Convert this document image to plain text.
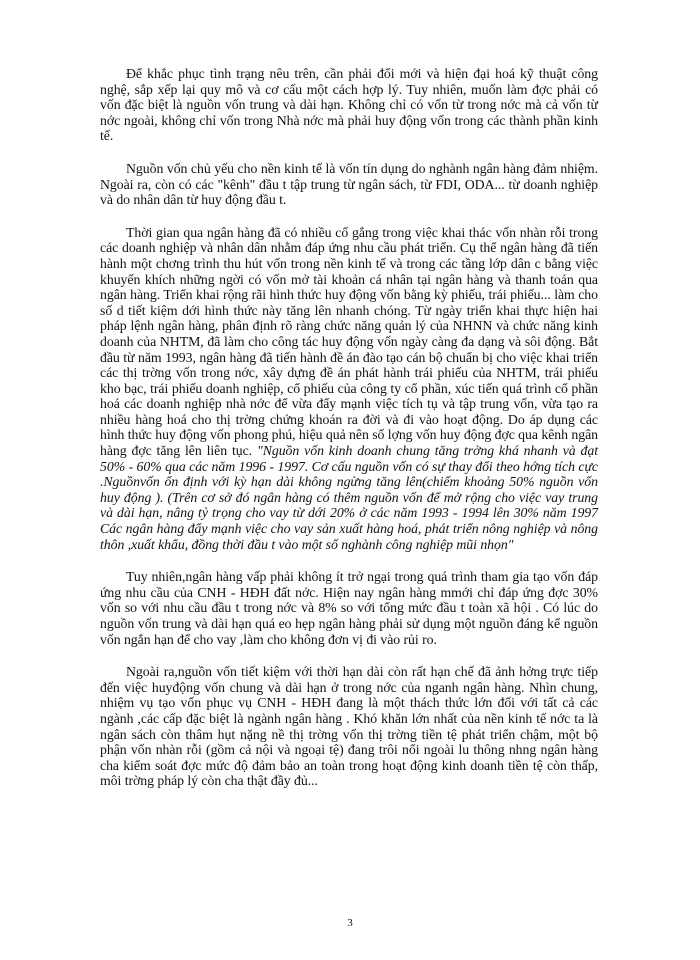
Để khắc phục tình trạng nêu trên, cần phải đổi mới và hiện đại hoá kỹ thuật công nghệ, sắp xếp lại quy mô và cơ cấu một cách hợp lý. Tuy nhiên, muốn làm đợc phải có vốn đặc biệt là nguồn vốn trung và dài hạn. Không chỉ có vốn từ trong nớc mà cả vốn từ nớc ngoài, không chỉ vốn trong Nhà nớc mà phải huy động vốn trong các thành phần kinh tế.

Nguồn vốn chủ yếu cho nền kinh tế là vốn tín dụng do nghành ngân hàng đảm nhiệm. Ngoài ra, còn có các "kênh" đầu t tập trung từ ngân sách, từ FDI, ODA... từ doanh nghiệp và do nhân dân từ huy động đầu t.

Thời gian qua ngân hàng đã có nhiều cố gắng trong việc khai thác vốn nhàn rỗi trong các doanh nghiệp và nhân dân nhằm đáp ứng nhu cầu phát triển. Cụ thể ngân hàng đã tiến hành một chơng trình thu hút vốn trong nền kinh tế và trong các tầng lớp dân c bằng việc khuyến khích những ngời có vốn mở tài khoản cá nhân tại ngân hàng và thanh toán qua ngân hàng. Triển khai rộng rãi hình thức huy động vốn bằng kỳ phiếu, trái phiếu... làm cho số d tiết kiệm dới hình thức này tăng lên nhanh chóng. Từ ngày triển khai thực hiện hai pháp lệnh ngân hàng, phân định rõ ràng chức năng quản lý của NHNN và chức năng kinh doanh của NHTM, đã làm cho công tác huy động vốn ngày càng đa dạng và sôi động. Bắt đầu từ năm 1993, ngân hàng đã tiến hành đề án đào tạo cán bộ chuẩn bị cho việc khai triển các thị trờng vốn trong nớc, xây dựng đề án phát hành trái phiếu của NHTM, trái phiếu kho bạc, trái phiếu doanh nghiệp, cổ phiếu của công ty cổ phần, xúc tiến quá trình cổ phần hoá các doanh nghiệp nhà nớc để vừa đẩy mạnh việc tích tụ và tập trung vốn, vừa tạo ra nhiều hàng hoá cho thị trờng chứng khoán ra đời và đi vào hoạt động. Do áp dụng các hình thức huy động vốn phong phú, hiệu quả nên số lợng vốn huy động đợc qua kênh ngân hàng đợc tăng lên liên tục. "Nguồn vốn kinh doanh chung tăng trởng khá nhanh và đạt 50% - 60% qua các năm 1996 - 1997. Cơ cấu nguồn vốn có sự thay đổi theo hớng tích cực .Nguồnvốn ổn định với kỳ hạn dài không ngừng tăng lên(chiếm khoảng 50% nguồn vốn huy động ). (Trên cơ sở đó ngân hàng có thêm nguồn vốn để mở rộng cho việc vay trung và dài hạn, nâng tỷ trọng cho vay từ dới 20% ở các năm 1993 - 1994 lên 30% năm 1997 Các ngân hàng đẩy mạnh việc cho vay sản xuất hàng hoá, phát triển nông nghiệp và nông thôn ,xuất khẩu, đồng thời đầu t vào một số nghành công nghiệp mũi nhọn"

Tuy nhiên,ngân hàng vấp phải không ít trở ngại trong quá trình tham gia tạo vốn đáp ứng nhu cầu của CNH - HĐH đất nớc. Hiện nay ngân hàng mmới chỉ đáp ứng đợc 30% vốn so với nhu cầu đầu t trong nớc và 8% so với tổng mức đầu t toàn xã hội . Có lúc do nguồn vốn trung và dài hạn quá eo hẹp ngân hàng phải sử dụng một nguồn đáng kể nguồn vốn ngắn hạn để cho vay ,làm cho không đơn vị đi vào rủi ro.

Ngoài ra,nguồn vốn tiết kiệm với thời hạn dài còn rất hạn chế đã ảnh hởng trực tiếp đến việc huyđộng vốn chung và dài hạn ở trong nớc của nganh ngân hàng. Nhìn chung, nhiệm vụ tạo vốn phục vụ CNH - HĐH đang là một thách thức lớn đối với tất cả các ngành ,các cấp đặc biệt là ngành ngân hàng . Khó khăn lớn nhất của nền kinh tế nớc ta là ngân sách còn thâm hụt nặng nề thị trờng vốn thị trờng tiền tệ phát triển chậm, một bộ phận vốn nhàn rỗi (gồm cả nội và ngoại tệ) đang trôi nổi ngoài lu thông nhng ngân hàng cha kiểm soát đợc mức độ đảm bảo an toàn trong hoạt động kinh doanh tiền tệ còn thấp, môi trờng pháp lý còn cha thật đầy đủ...

3
